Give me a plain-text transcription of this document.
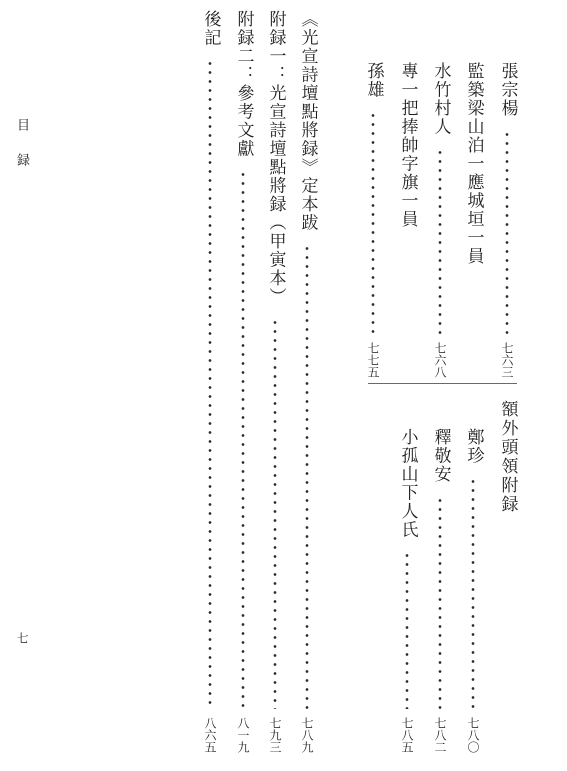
目録
七
張宗楊
七六三
監築梁山泊一應城垣一員
水竹村人
七六八
專一把捧帥字旗一員
孫雄
七七五
額外頭領附録
鄭珍
七八〇
釋敬安
七八二
小孤山下人氏
七八五
《光宣詩壇點將録》定本跋
七八九
附録一：光宣詩壇點將録（甲寅本）
七九三
附録二：參考文獻
八一九
後記
八六五
